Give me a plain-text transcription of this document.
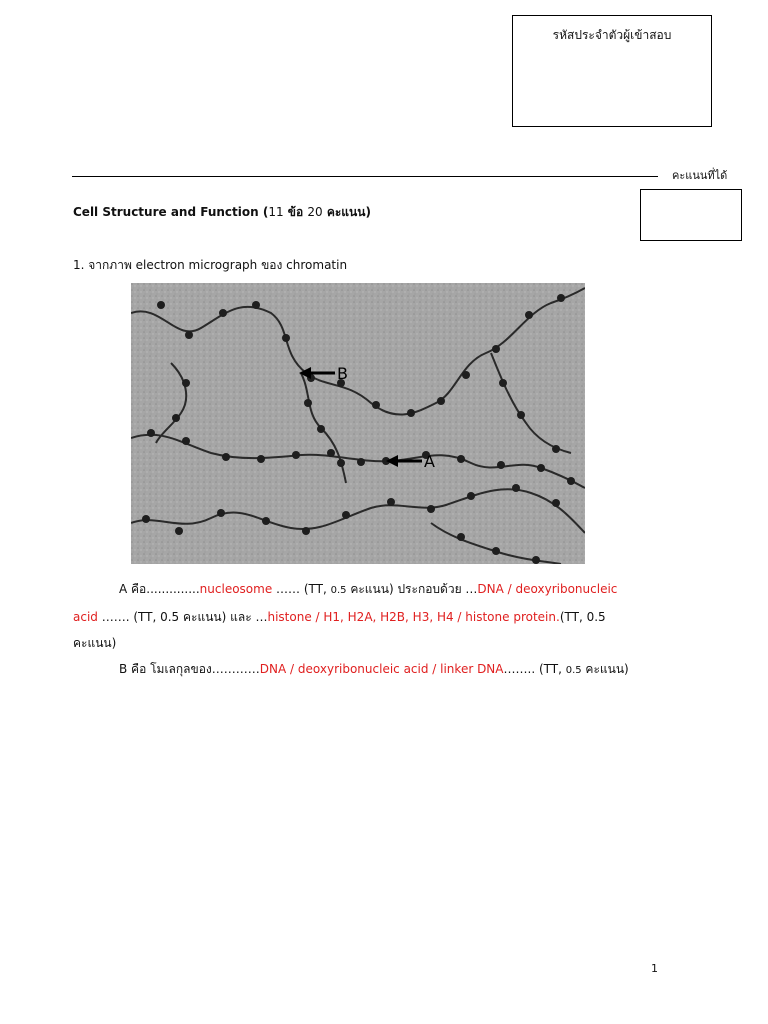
รหัสประจำตัวผู้เข้าสอบ
คะแนนที่ได้
Cell Structure and Function (11 ข้อ 20 คะแนน)
1. จากภาพ electron micrograph ของ chromatin
B
A
A คือ..............nucleosome …… (TT, 0.5 คะแนน) ประกอบด้วย …DNA / deoxyribonucleic
acid ……. (TT, 0.5 คะแนน) และ …histone / H1, H2A, H2B, H3, H4 / histone protein.(TT, 0.5
คะแนน)
B คือ โมเลกุลของ…………DNA / deoxyribonucleic acid / linker DNA…….. (TT, 0.5 คะแนน)
1
